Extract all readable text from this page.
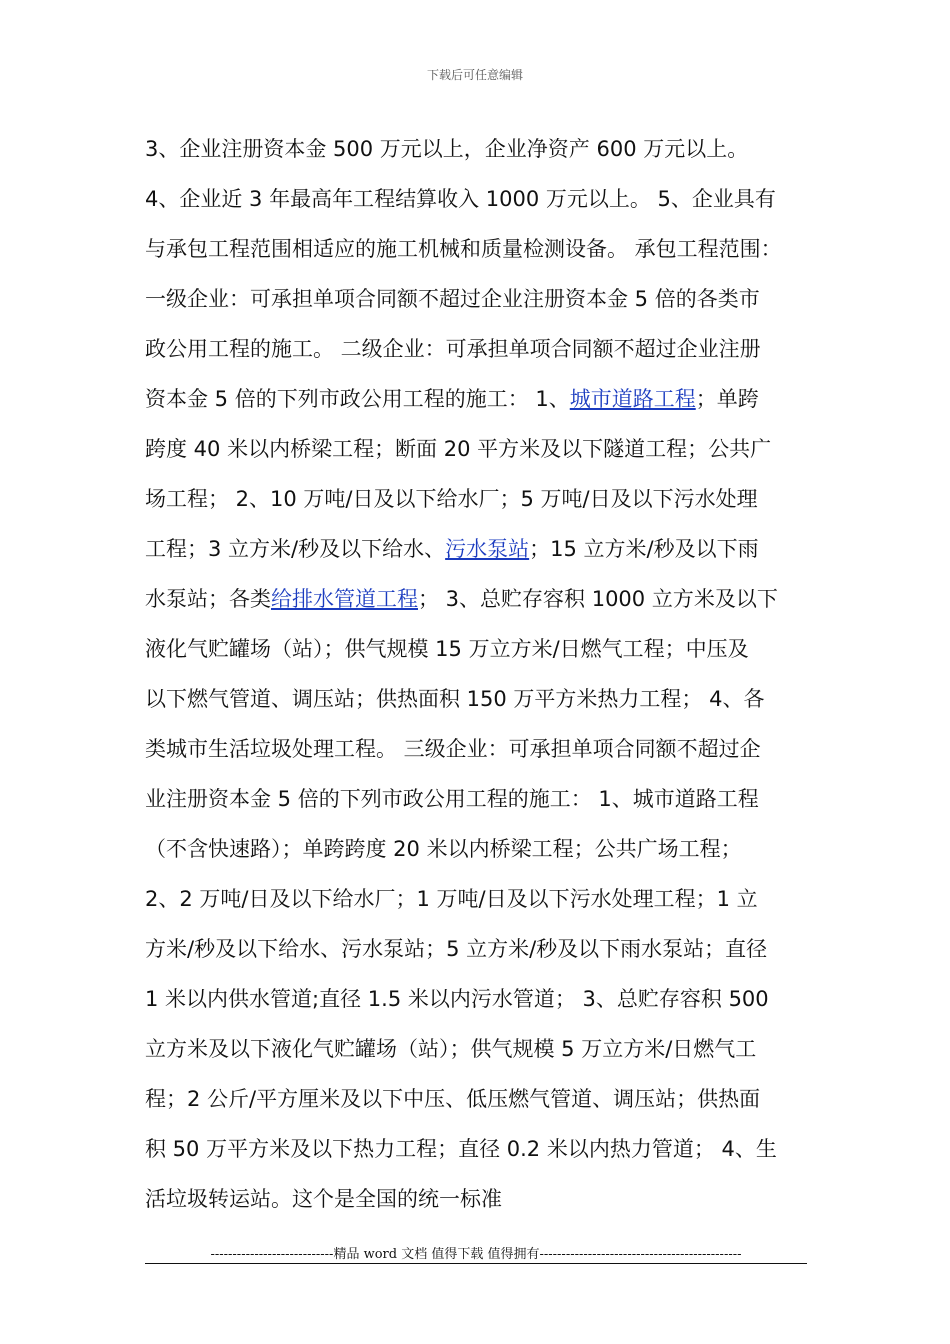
下载后可任意编辑
3、企业注册资本金 500 万元以上，企业净资产 600 万元以上。
4、企业近 3 年最高年工程结算收入 1000 万元以上。 5、企业具有
与承包工程范围相适应的施工机械和质量检测设备。 承包工程范围：
一级企业：可承担单项合同额不超过企业注册资本金 5 倍的各类市
政公用工程的施工。 二级企业：可承担单项合同额不超过企业注册
资本金 5 倍的下列市政公用工程的施工： 1、城市道路工程；单跨
跨度 40 米以内桥梁工程；断面 20 平方米及以下隧道工程；公共广
场工程； 2、10 万吨/日及以下给水厂；5 万吨/日及以下污水处理
工程；3 立方米/秒及以下给水、污水泵站；15 立方米/秒及以下雨
水泵站；各类给排水管道工程； 3、总贮存容积 1000 立方米及以下
液化气贮罐场（站）；供气规模 15 万立方米/日燃气工程；中压及
以下燃气管道、调压站；供热面积 150 万平方米热力工程； 4、各
类城市生活垃圾处理工程。 三级企业：可承担单项合同额不超过企
业注册资本金 5 倍的下列市政公用工程的施工： 1、城市道路工程
（不含快速路）；单跨跨度 20 米以内桥梁工程；公共广场工程；
2、2 万吨/日及以下给水厂；1 万吨/日及以下污水处理工程；1 立
方米/秒及以下给水、污水泵站；5 立方米/秒及以下雨水泵站；直径
1 米以内供水管道;直径 1.5 米以内污水管道； 3、总贮存容积 500
立方米及以下液化气贮罐场（站）；供气规模 5 万立方米/日燃气工
程；2 公斤/平方厘米及以下中压、低压燃气管道、调压站；供热面
积 50 万平方米及以下热力工程；直径 0.2 米以内热力管道； 4、生
活垃圾转运站。这个是全国的统一标准
----------------------------精品 word 文档 值得下载 值得拥有----------------------------------------------
